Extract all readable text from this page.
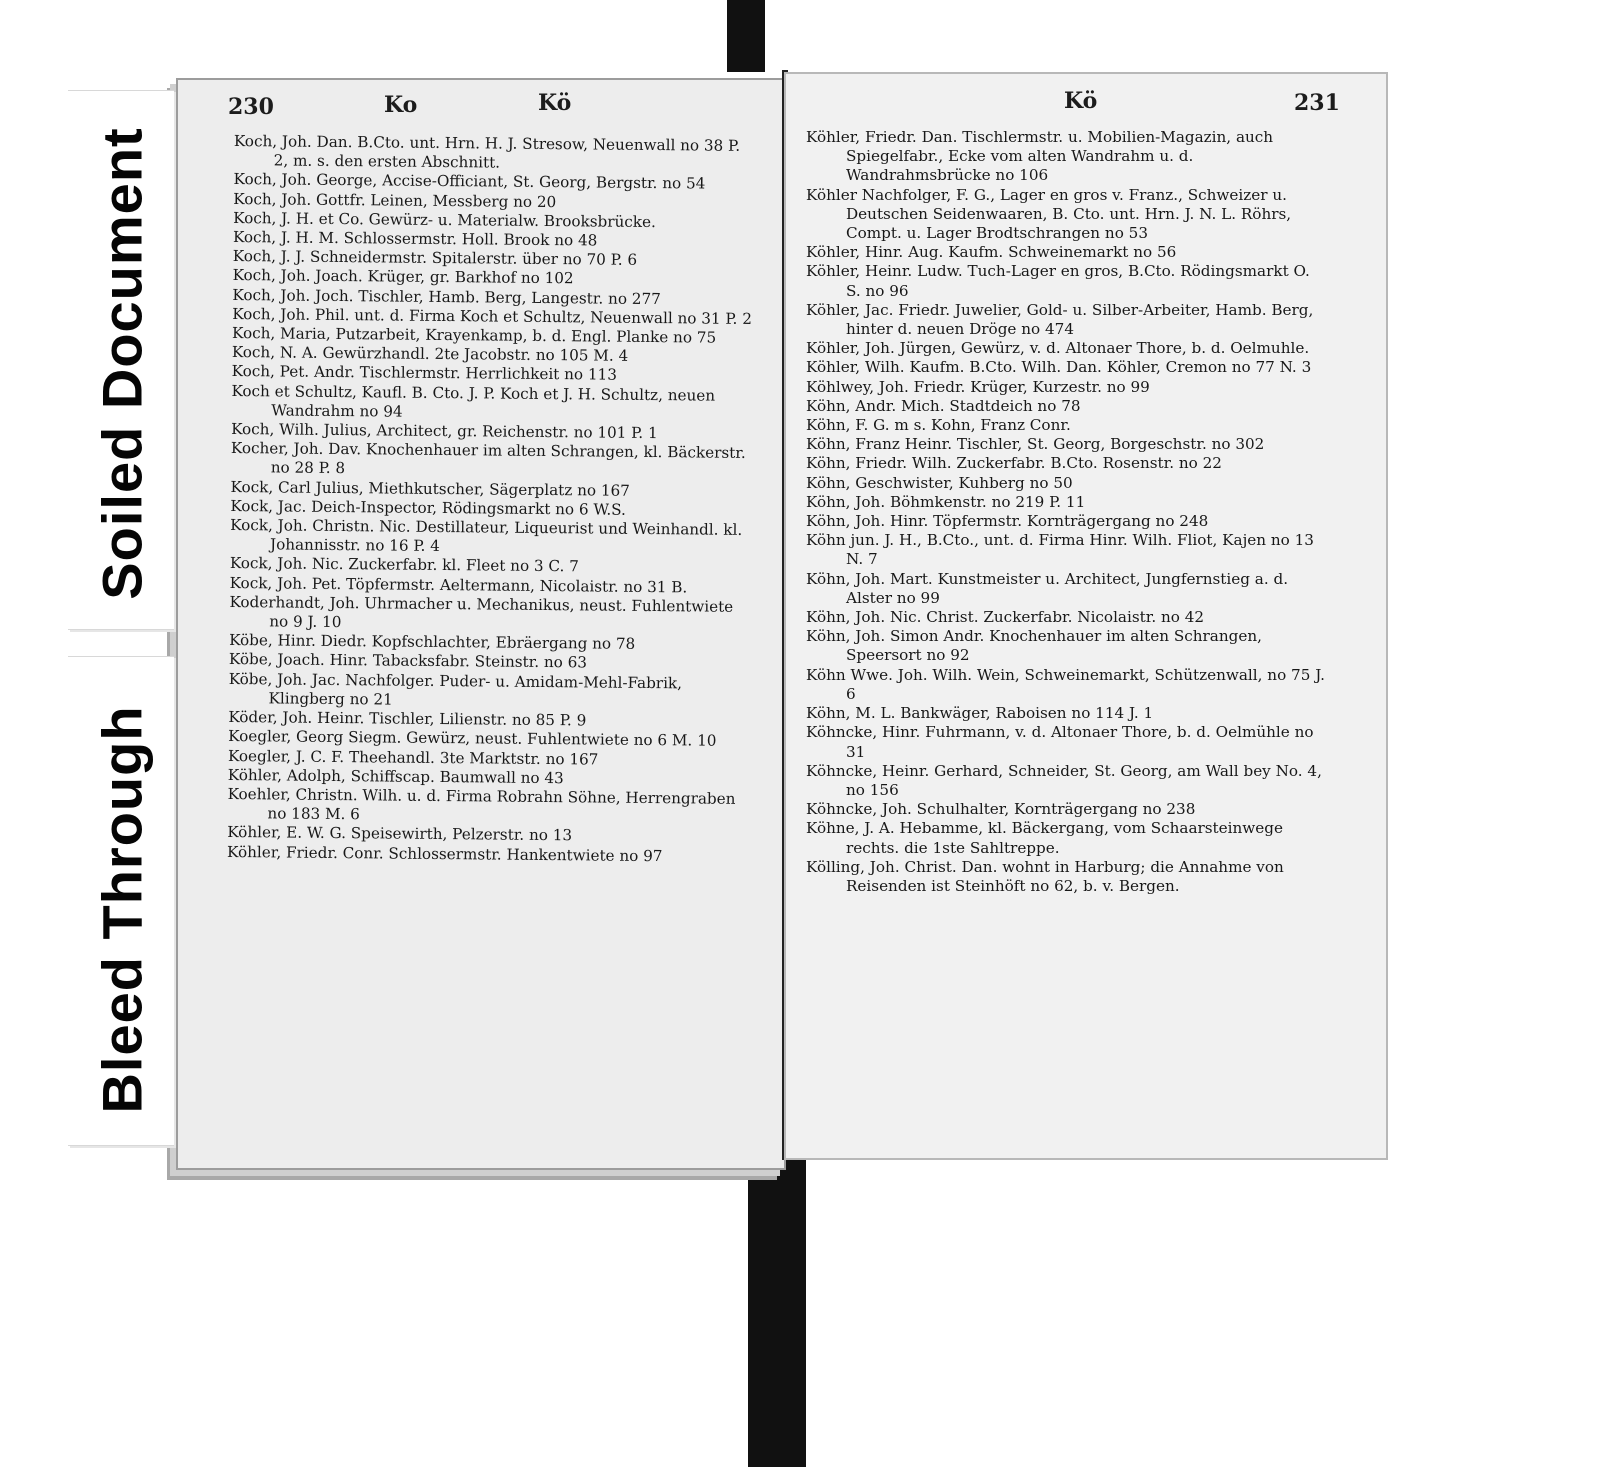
230	Ko	Kö
Koch, Joh. Dan. B.Cto. unt. Hrn. H. J. Stresow, Neuenwall no 38 P. 2, m. s. den ersten Abschnitt.
Koch, Joh. George, Accise-Officiant, St. Georg, Bergstr. no 54
Koch, Joh. Gottfr. Leinen, Messberg no 20
Koch, J. H. et Co. Gewürz- u. Materialw. Brooksbrücke.
Koch, J. H. M. Schlossermstr. Holl. Brook no 48
Koch, J. J. Schneidermstr. Spitalerstr. über no 70 P. 6
Koch, Joh. Joach. Krüger, gr. Barkhof no 102
Koch, Joh. Joch. Tischler, Hamb. Berg, Langestr. no 277
Koch, Joh. Phil. unt. d. Firma Koch et Schultz, Neuenwall no 31 P. 2
Koch, Maria, Putzarbeit, Krayenkamp, b. d. Engl. Planke no 75
Koch, N. A. Gewürzhandl. 2te Jacobstr. no 105 M. 4
Koch, Pet. Andr. Tischlermstr. Herrlichkeit no 113
Koch et Schultz, Kaufl. B. Cto. J. P. Koch et J. H. Schultz, neuen Wandrahm no 94
Koch, Wilh. Julius, Architect, gr. Reichenstr. no 101 P. 1
Kocher, Joh. Dav. Knochenhauer im alten Schrangen, kl. Bäckerstr. no 28 P. 8
Kock, Carl Julius, Miethkutscher, Sägerplatz no 167
Kock, Jac. Deich-Inspector, Rödingsmarkt no 6 W.S.
Kock, Joh. Christn. Nic. Destillateur, Liqueurist und Weinhandl. kl. Johannisstr. no 16 P. 4
Kock, Joh. Nic. Zuckerfabr. kl. Fleet no 3 C. 7
Kock, Joh. Pet. Töpfermstr. Aeltermann, Nicolaistr. no 31 B.
Koderhandt, Joh. Uhrmacher u. Mechanikus, neust. Fuhlentwiete no 9 J. 10
Köbe, Hinr. Diedr. Kopfschlachter, Ebräergang no 78
Köbe, Joach. Hinr. Tabacksfabr. Steinstr. no 63
Köbe, Joh. Jac. Nachfolger. Puder- u. Amidam-Mehl-Fabrik, Klingberg no 21
Köder, Joh. Heinr. Tischler, Lilienstr. no 85 P. 9
Koegler, Georg Siegm. Gewürz, neust. Fuhlentwiete no 6 M. 10
Koegler, J. C. F. Theehandl. 3te Marktstr. no 167
Köhler, Adolph, Schiffscap. Baumwall no 43
Koehler, Christn. Wilh. u. d. Firma Robrahn Söhne, Herrengraben no 183 M. 6
Köhler, E. W. G. Speisewirth, Pelzerstr. no 13
Köhler, Friedr. Conr. Schlossermstr. Hankentwiete no 97
Kö	231
Köhler, Friedr. Dan. Tischlermstr. u. Mobilien-Magazin, auch Spiegelfabr., Ecke vom alten Wandrahm u. d. Wandrahmsbrücke no 106
Köhler Nachfolger, F. G., Lager en gros v. Franz., Schweizer u. Deutschen Seidenwaaren, B. Cto. unt. Hrn. J. N. L. Röhrs, Compt. u. Lager Brodtschrangen no 53
Köhler, Hinr. Aug. Kaufm. Schweinemarkt no 56
Köhler, Heinr. Ludw. Tuch-Lager en gros, B.Cto. Rödingsmarkt O. S. no 96
Köhler, Jac. Friedr. Juwelier, Gold- u. Silber-Arbeiter, Hamb. Berg, hinter d. neuen Dröge no 474
Köhler, Joh. Jürgen, Gewürz, v. d. Altonaer Thore, b. d. Oelmuhle.
Köhler, Wilh. Kaufm. B.Cto. Wilh. Dan. Köhler, Cremon no 77 N. 3
Köhlwey, Joh. Friedr. Krüger, Kurzestr. no 99
Köhn, Andr. Mich. Stadtdeich no 78
Köhn, F. G. m s. Kohn, Franz Conr.
Köhn, Franz Heinr. Tischler, St. Georg, Borgeschstr. no 302
Köhn, Friedr. Wilh. Zuckerfabr. B.Cto. Rosenstr. no 22
Köhn, Geschwister, Kuhberg no 50
Köhn, Joh. Böhmkenstr. no 219 P. 11
Köhn, Joh. Hinr. Töpfermstr. Kornträgergang no 248
Köhn jun. J. H., B.Cto., unt. d. Firma Hinr. Wilh. Fliot, Kajen no 13 N. 7
Köhn, Joh. Mart. Kunstmeister u. Architect, Jungfernstieg a. d. Alster no 99
Köhn, Joh. Nic. Christ. Zuckerfabr. Nicolaistr. no 42
Köhn, Joh. Simon Andr. Knochenhauer im alten Schrangen, Speersort no 92
Köhn Wwe. Joh. Wilh. Wein, Schweinemarkt, Schützenwall, no 75 J. 6
Köhn, M. L. Bankwäger, Raboisen no 114 J. 1
Köhncke, Hinr. Fuhrmann, v. d. Altonaer Thore, b. d. Oelmühle no 31
Köhncke, Heinr. Gerhard, Schneider, St. Georg, am Wall bey No. 4, no 156
Köhncke, Joh. Schulhalter, Kornträgergang no 238
Köhne, J. A. Hebamme, kl. Bäckergang, vom Schaarsteinwege rechts. die 1ste Sahltreppe.
Kölling, Joh. Christ. Dan. wohnt in Harburg; die Annahme von Reisenden ist Steinhöft no 62, b. v. Bergen.
Soiled Document
Bleed Through
